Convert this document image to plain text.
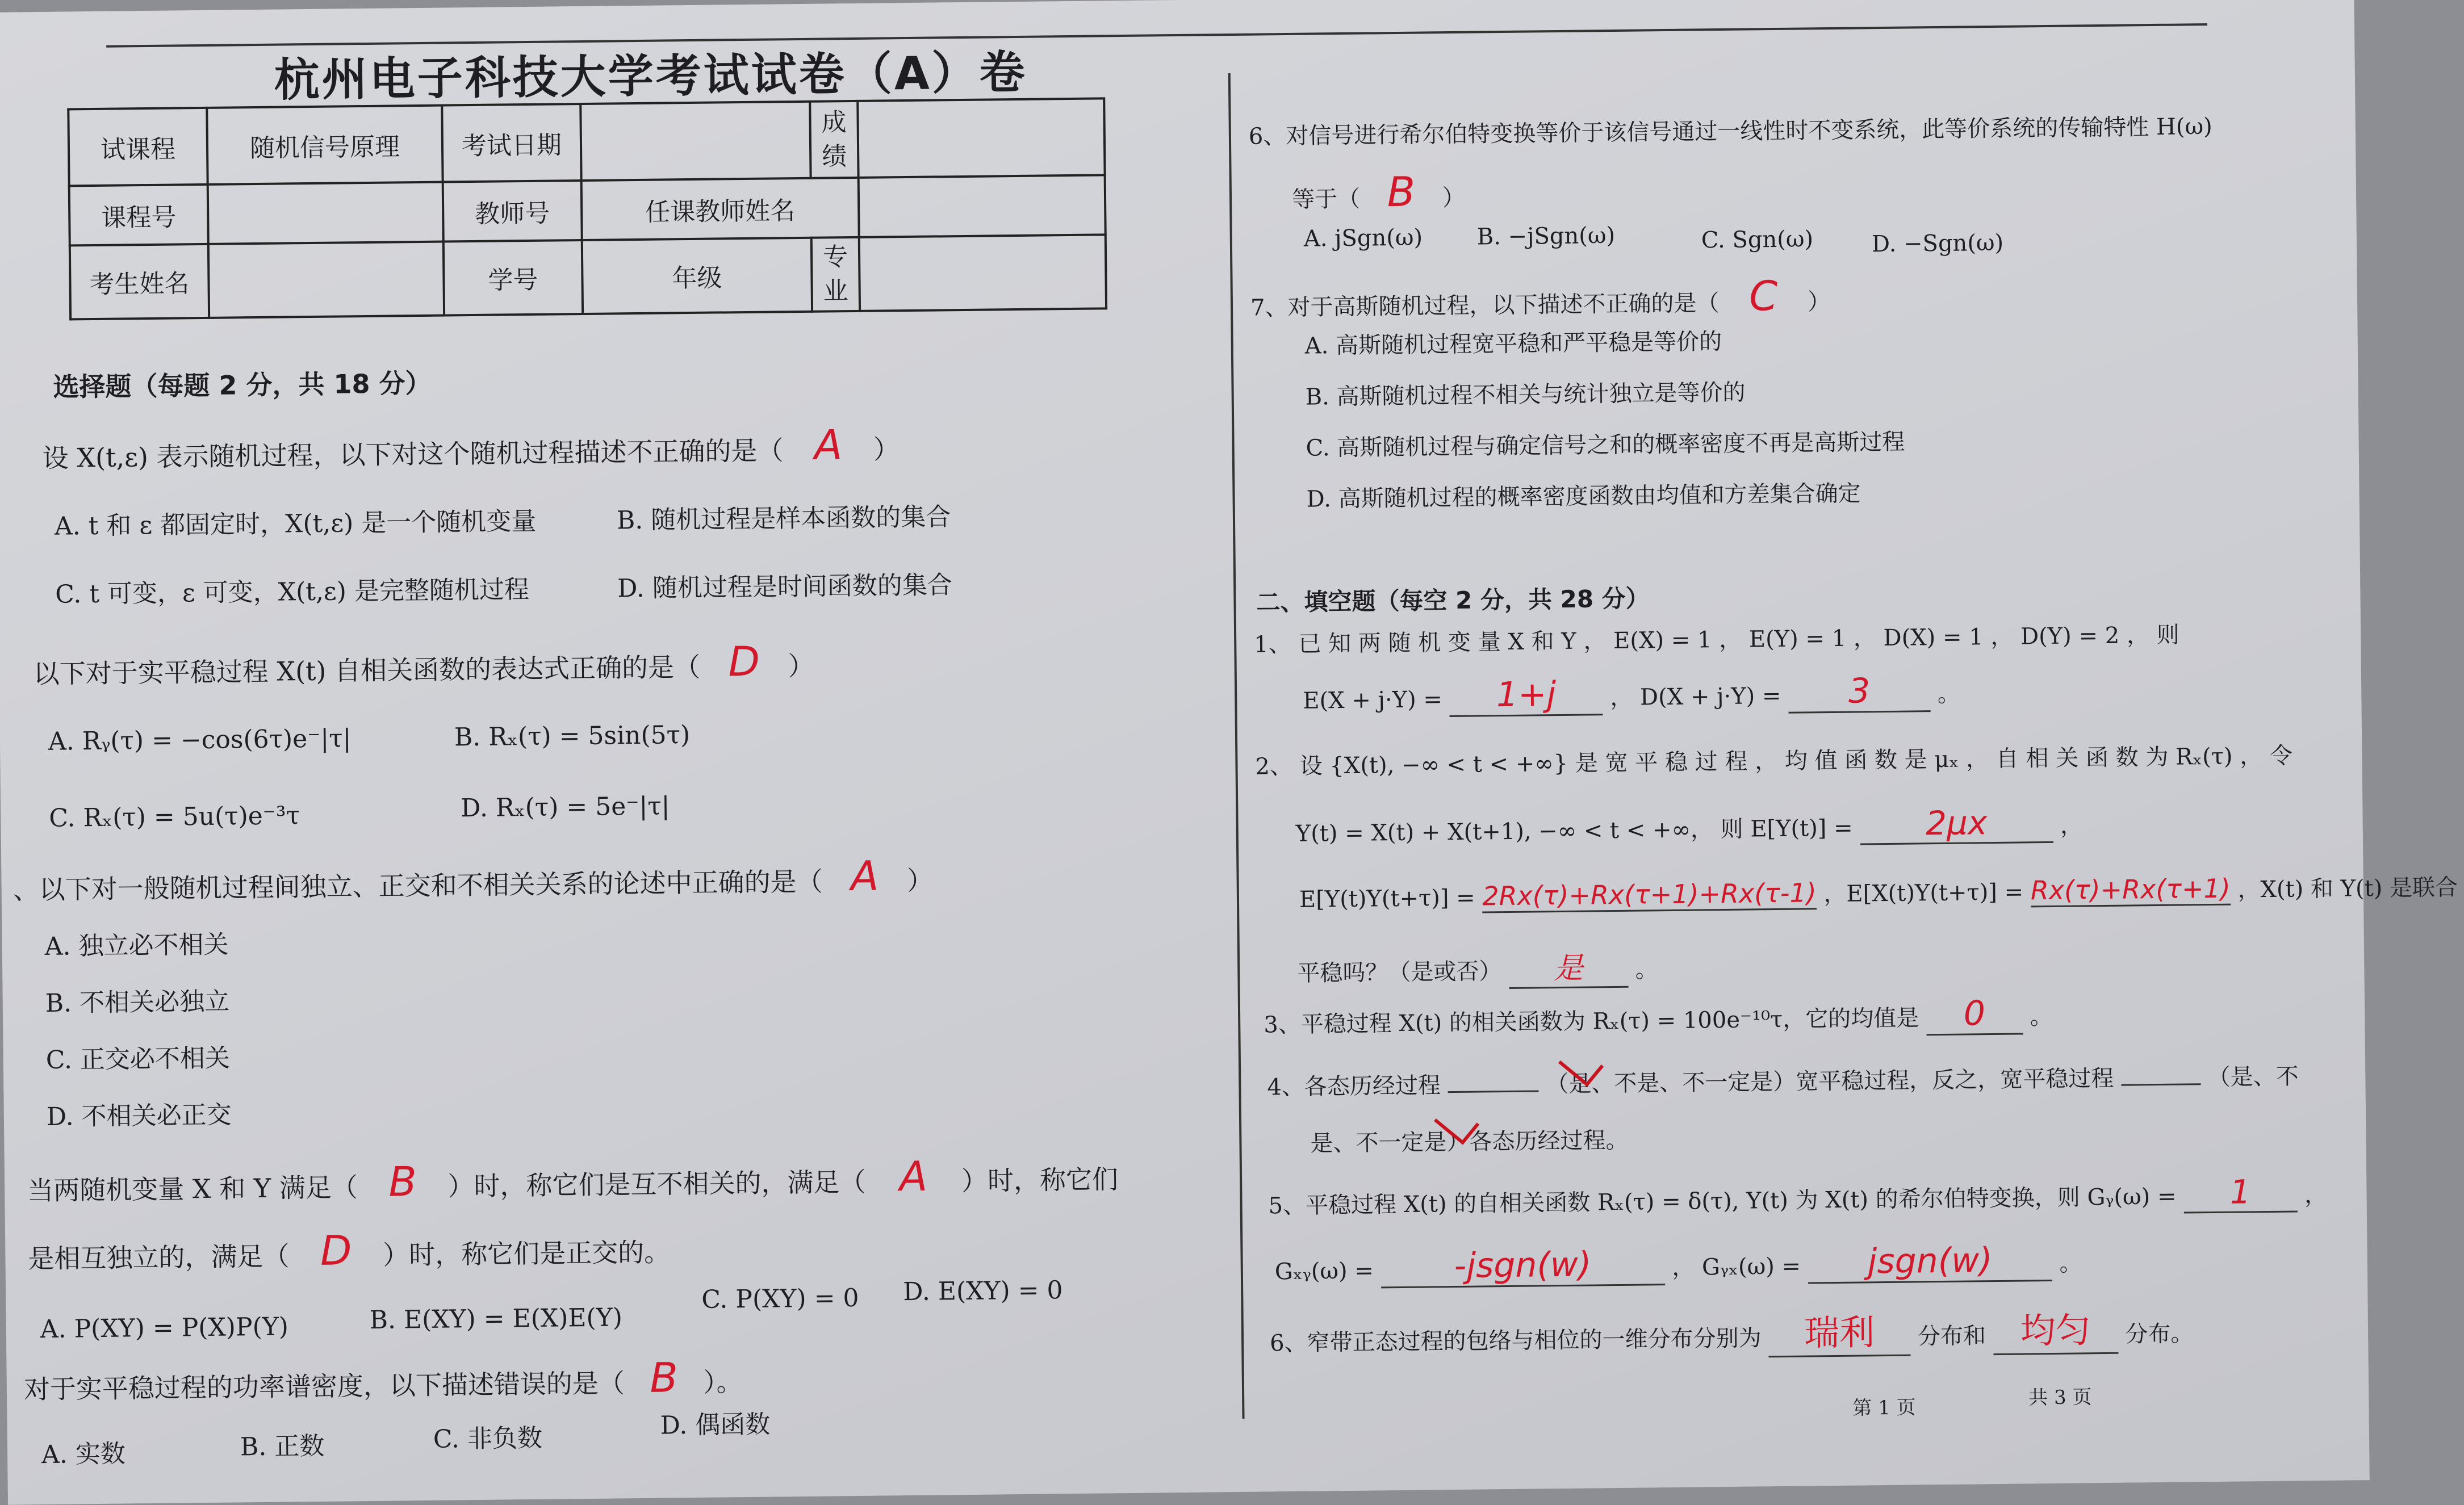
杭州电子科技大学考试试卷（A）卷
试课程	随机信号原理	考试日期		成绩	
课程号		教师号	任课教师姓名		
考生姓名		学号	年级	专业	
选择题（每题 2 分，共 18 分）
设 X(t,ε) 表示随机过程，以下对这个随机过程描述不正确的是（ A ）
A. t 和 ε 都固定时，X(t,ε) 是一个随机变量	B. 随机过程是样本函数的集合
C. t 可变，ε 可变，X(t,ε) 是完整随机过程	D. 随机过程是时间函数的集合
以下对于实平稳过程 X(t) 自相关函数的表达式正确的是（ D ）
A. Rᵧ(τ) = −cos(6τ)e⁻|τ|	B. Rₓ(τ) = 5sin(5τ)
C. Rₓ(τ) = 5u(τ)e⁻³τ	D. Rₓ(τ) = 5e⁻|τ|
、以下对一般随机过程间独立、正交和不相关关系的论述中正确的是（ A ）
A. 独立必不相关
B. 不相关必独立
C. 正交必不相关
D. 不相关必正交
当两随机变量 X 和 Y 满足（ B ）时，称它们是互不相关的，满足（ A ）时，称它们
是相互独立的，满足（ D ）时，称它们是正交的。
A. P(XY) = P(X)P(Y)	B. E(XY) = E(X)E(Y)
C. P(XY) = 0 D. E(XY) = 0
对于实平稳过程的功率谱密度，以下描述错误的是（ B ）。
A. 实数	B. 正数	C. 非负数	D. 偶函数
6、对信号进行希尔伯特变换等价于该信号通过一线性时不变系统，此等价系统的传输特性 H(ω)
等于（ B ）
A. jSgn(ω) B. −jSgn(ω)	C. Sgn(ω)	D. −Sgn(ω)
7、对于高斯随机过程，以下描述不正确的是（ C ）
A. 高斯随机过程宽平稳和严平稳是等价的
B. 高斯随机过程不相关与统计独立是等价的
C. 高斯随机过程与确定信号之和的概率密度不再是高斯过程
D. 高斯随机过程的概率密度函数由均值和方差集合确定
二、填空题（每空 2 分，共 28 分）
1、 已 知 两 随 机 变 量 X 和 Y ， E(X) = 1 ， E(Y) = 1 ， D(X) = 1 ， D(Y) = 2 ， 则
E(X + j·Y) = 1+j ， D(X + j·Y) = 3	。
2、 设 {X(t), −∞ < t < +∞} 是 宽 平 稳 过 程 ， 均 值 函 数 是 μₓ ， 自 相 关 函 数 为 Rₓ(τ) ， 令
Y(t) = X(t) + X(t+1), −∞ < t < +∞， 则 E[Y(t)] = 2μx	，
E[Y(t)Y(t+τ)] = 2Rx(τ)+Rx(τ+1)+Rx(τ-1) ，E[X(t)Y(t+τ)] = Rx(τ)+Rx(τ+1) ，X(t) 和 Y(t) 是联合
平稳吗？（是或否） 是 。
3、平稳过程 X(t) 的相关函数为 Rₓ(τ) = 100e⁻¹⁰τ，它的均值是 0 。
4、各态历经过程	（是、不是、不一定是）宽平稳过程，反之，宽平稳过程	（是、不
是、不一定是）各态历经过程。
5、平稳过程 X(t) 的自相关函数 Rₓ(τ) = δ(τ), Y(t) 为 X(t) 的希尔伯特变换，则 Gᵧ(ω) = 1 ，
Gₓᵧ(ω) = -jsgn(w)	， Gᵧₓ(ω) = jsgn(w)	。
6、窄带正态过程的包络与相位的一维分布分别为 瑞利 分布和 均匀 分布。
第 1 页	共 3 页
